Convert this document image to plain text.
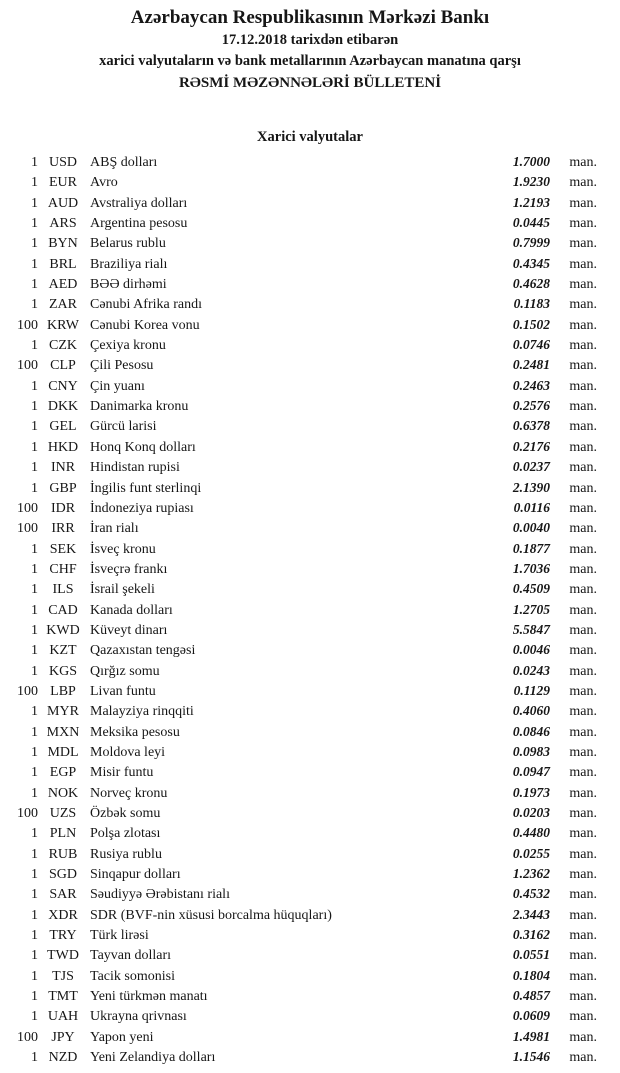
Azərbaycan Respublikasının Mərkəzi Bankı
17.12.2018 tarixdən etibarən
xarici valyutaların və bank metallarının Azərbaycan manatına qarşı
RƏSMİ MƏZƏNNƏLƏRİ BÜLLETENİ
Xarici valyutalar
1 USD ABŞ dolları	1.7000	man.
1 EUR Avro	1.9230	man.
1 AUD Avstraliya dolları	1.2193	man.
1 ARS Argentina pesosu	0.0445	man.
1 BYN Belarus rublu	0.7999	man.
1 BRL Braziliya rialı	0.4345	man.
1 AED BƏƏ dirhəmi	0.4628	man.
1 ZAR Cənubi Afrika randı	0.1183	man.
100 KRW Cənubi Korea vonu	0.1502	man.
1 CZK Çexiya kronu	0.0746	man.
100 CLP	Çili Pesosu	0.2481	man.
1 CNY Çin yuanı	0.2463	man.
1 DKK Danimarka kronu	0.2576	man.
1 GEL Gürcü larisi	0.6378	man.
1 HKD Honq Konq dolları	0.2176	man.
1 INR	Hindistan rupisi	0.0237	man.
1 GBP İngilis funt sterlinqi	2.1390	man.
100 IDR	İndoneziya rupiası	0.0116	man.
100 IRR	İran rialı	0.0040	man.
1 SEK İsveç kronu	0.1877	man.
1 CHF İsveçrə frankı	1.7036	man.
1	ILS	İsrail şekeli	0.4509	man.
1 CAD Kanada dolları	1.2705	man.
1 KWD Küveyt dinarı	5.5847	man.
1 KZT Qazaxıstan tengəsi	0.0046	man.
1 KGS Qırğız somu	0.0243	man.
100 LBP	Livan funtu	0.1129	man.
1 MYR Malayziya rinqqiti	0.4060	man.
1 MXN Meksika pesosu	0.0846	man.
1 MDL Moldova leyi	0.0983	man.
1 EGP Misir funtu	0.0947	man.
1 NOK Norveç kronu	0.1973	man.
100 UZS Özbək somu	0.0203	man.
1 PLN Polşa zlotası	0.4480	man.
1 RUB Rusiya rublu	0.0255	man.
1 SGD Sinqapur dolları	1.2362	man.
1 SAR Səudiyyə Ərəbistanı rialı	0.4532	man.
1 XDR SDR (BVF-nin xüsusi borcalma hüquqları)	2.3443	man.
1 TRY Türk lirəsi	0.3162	man.
1 TWD Tayvan dolları	0.0551	man.
1	TJS	Tacik somonisi	0.1804	man.
1 TMT Yeni türkmən manatı	0.4857	man.
1 UAH Ukrayna qrivnası	0.0609	man.
100 JPY	Yapon yeni	1.4981	man.
1 NZD Yeni Zelandiya dolları	1.1546	man.
